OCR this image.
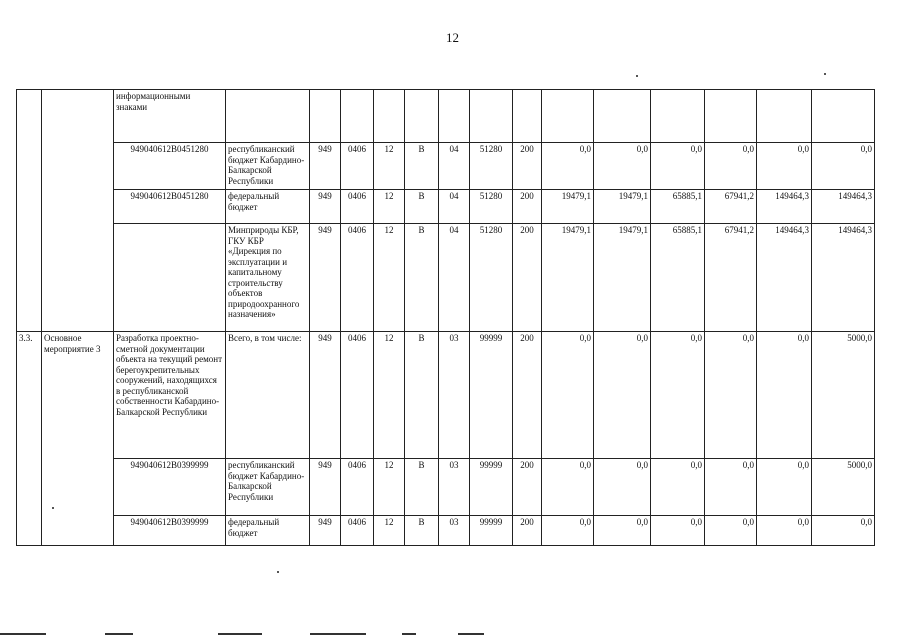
12
		информационными знаками														
		949040612B0451280	республиканский бюджет Кабардино-Балкарской Республики	949	0406	12	В	04	51280	200	0,0	0,0	0,0	0,0	0,0	0,0
		949040612B0451280	федеральный бюджет	949	0406	12	В	04	51280	200	19479,1	19479,1	65885,1	67941,2	149464,3	149464,3
			Минприроды КБР, ГКУ КБР «Дирекция по эксплуатации и капитальному строительству объектов природоохранного назначения»	949	0406	12	В	04	51280	200	19479,1	19479,1	65885,1	67941,2	149464,3	149464,3
3.3.	Основное мероприятие 3	Разработка проектно-сметной документации объекта на текущий ремонт берегоукрепительных сооружений, находящихся в республиканской собственности Кабардино-Балкарской Республики	Всего, в том числе:	949	0406	12	В	03	99999	200	0,0	0,0	0,0	0,0	0,0	5000,0
		949040612B0399999	республиканский бюджет Кабардино-Балкарской Республики	949	0406	12	В	03	99999	200	0,0	0,0	0,0	0,0	0,0	5000,0
		949040612B0399999	федеральный бюджет	949	0406	12	В	03	99999	200	0,0	0,0	0,0	0,0	0,0	0,0
